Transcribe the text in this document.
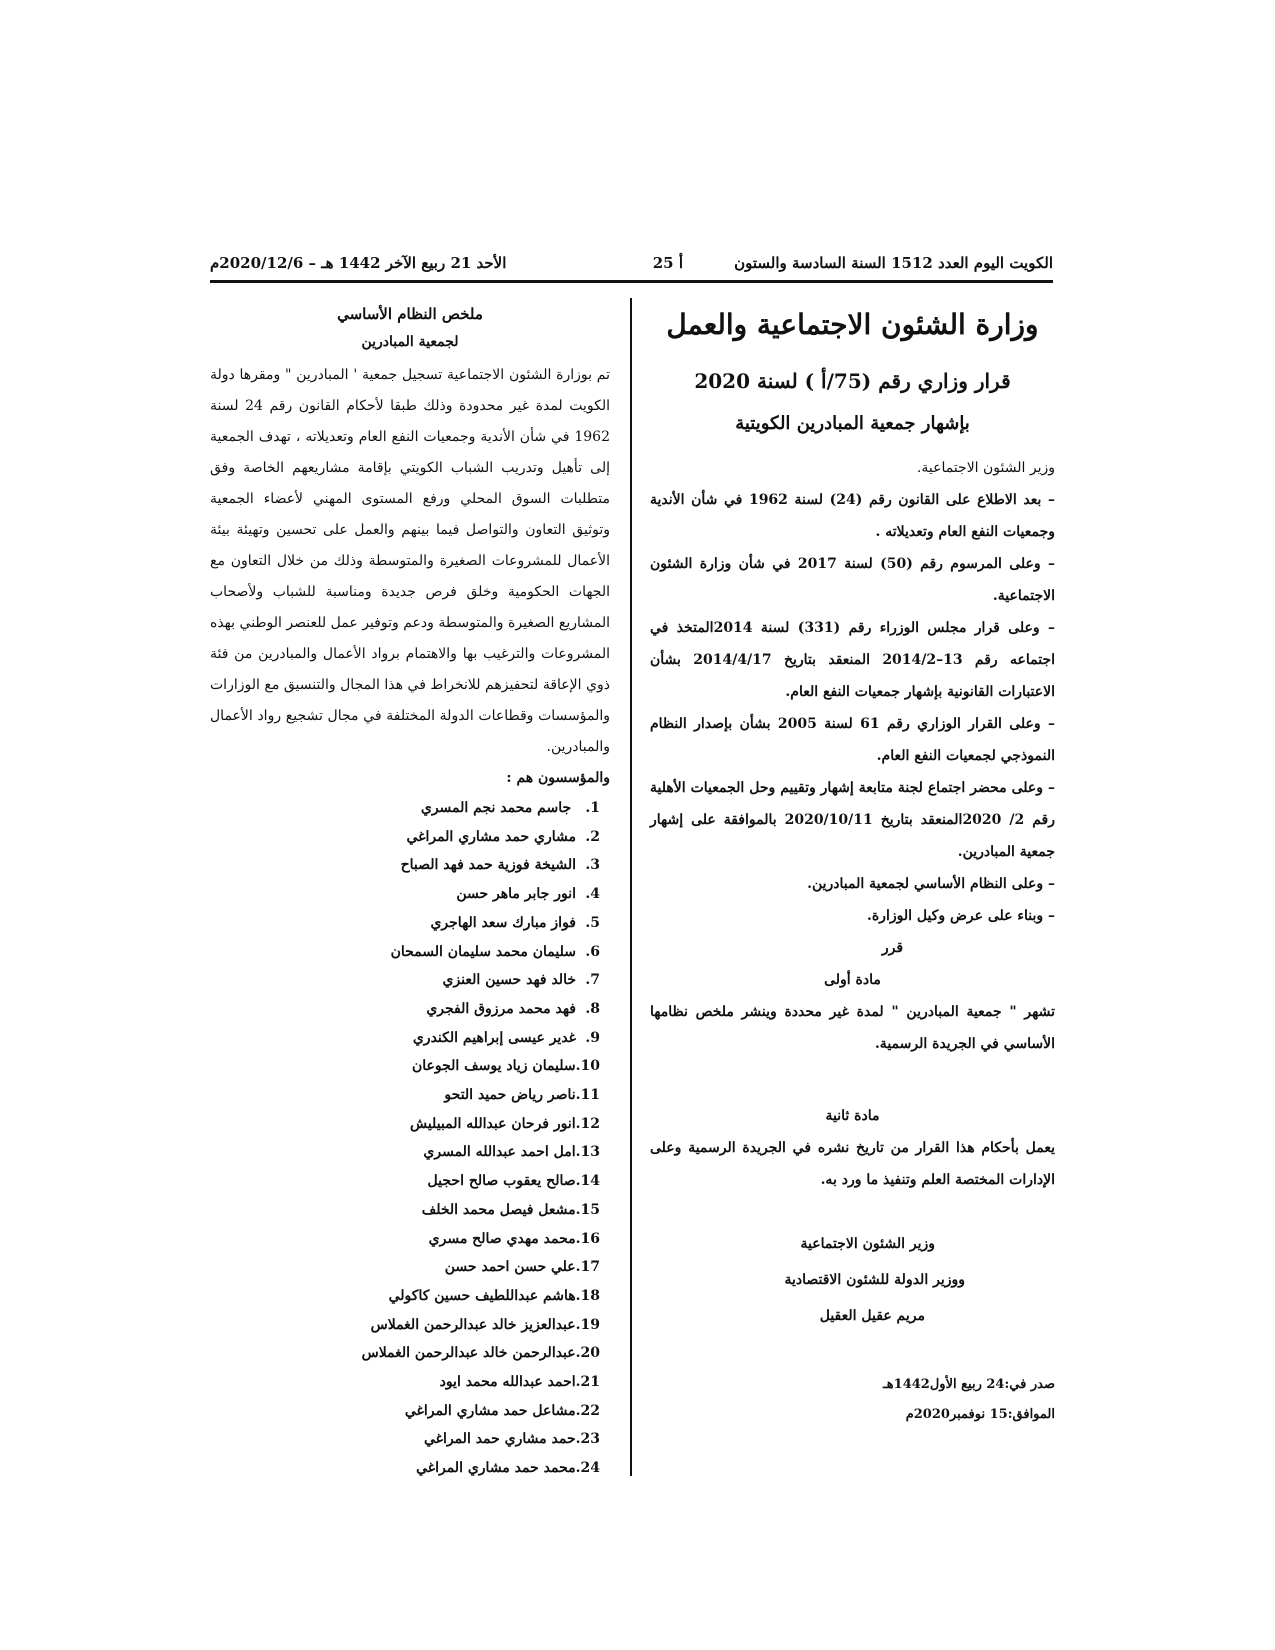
الكويت اليوم العدد 1512 السنة السادسة والستون
أ 25
الأحد 21 ربيع الآخر 1442 هـ – 2020/12/6م
وزارة الشئون الاجتماعية والعمل
قرار وزاري رقم (75/أ ) لسنة 2020
بإشهار جمعية المبادرين الكويتية

وزير الشئون الاجتماعية.

– بعد الاطلاع على القانون رقم (24) لسنة 1962 في شأن الأندية وجمعيات النفع العام وتعديلاته .

– وعلى المرسوم رقم (50) لسنة 2017 في شأن وزارة الشئون الاجتماعية.

– وعلى قرار مجلس الوزراء رقم (331) لسنة 2014المتخذ في اجتماعه رقم 13–2014/2 المنعقد بتاريخ 2014/4/17 بشأن الاعتبارات القانونية بإشهار جمعيات النفع العام.

– وعلى القرار الوزاري رقم 61 لسنة 2005 بشأن بإصدار النظام النموذجي لجمعيات النفع العام.

– وعلى محضر اجتماع لجنة متابعة إشهار وتقييم وحل الجمعيات الأهلية رقم 2/ 2020المنعقد بتاريخ 2020/10/11 بالموافقة على إشهار جمعية المبادرين.

– وعلى النظام الأساسي لجمعية المبادرين.

– وبناء على عرض وكيل الوزارة.

قرر
مادة أولى

تشهر " جمعية المبادرين " لمدة غير محددة وينشر ملخص نظامها الأساسي في الجريدة الرسمية.

مادة ثانية

يعمل بأحكام هذا القرار من تاريخ نشره في الجريدة الرسمية وعلى الإدارات المختصة العلم وتنفيذ ما ورد به.

وزير الشئون الاجتماعية
ووزير الدولة للشئون الاقتصادية
مريم عقيل العقيل
صدر في:24 ربيع الأول1442هـ
الموافق:15 نوفمبر2020م
ملخص النظام الأساسي
لجمعية المبادرين

تم بوزارة الشئون الاجتماعية تسجيل جمعية ' المبادرين " ومقرها دولة الكويت لمدة غير محدودة وذلك طبقا لأحكام القانون رقم 24 لسنة 1962 في شأن الأندية وجمعيات النفع العام وتعديلاته ، تهدف الجمعية إلى تأهيل وتدريب الشباب الكويتي بإقامة مشاريعهم الخاصة وفق متطلبات السوق المحلي ورفع المستوى المهني لأعضاء الجمعية وتوثيق التعاون والتواصل فيما بينهم والعمل على تحسين وتهيئة بيئة الأعمال للمشروعات الصغيرة والمتوسطة وذلك من خلال التعاون مع الجهات الحكومية وخلق فرص جديدة ومناسبة للشباب ولأصحاب المشاريع الصغيرة والمتوسطة ودعم وتوفير عمل للعنصر الوطني بهذه المشروعات والترغيب بها والاهتمام برواد الأعمال والمبادرين من فئة ذوي الإعاقة لتحفيزهم للانخراط في هذا المجال والتنسيق مع الوزارات والمؤسسات وقطاعات الدولة المختلفة في مجال تشجيع رواد الأعمال والمبادرين.

والمؤسسون هم :
1. جاسم محمد نجم المسري
2.مشاري حمد مشاري المراغي
3.الشيخة فوزية حمد فهد الصباح
4.انور جابر ماهر حسن
5.فواز مبارك سعد الهاجري
6.سليمان محمد سليمان السمحان
7.خالد فهد حسين العنزي
8.فهد محمد مرزوق الفجري
9.غدير عيسى إبراهيم الكندري
10.سليمان زياد يوسف الجوعان
11.ناصر رياض حميد التحو
12.انور فرحان عبدالله المبيليش
13.امل احمد عبدالله المسري
14.صالح يعقوب صالح احجيل
15.مشعل فيصل محمد الخلف
16.محمد مهدي صالح مسري
17.علي حسن احمد حسن
18.هاشم عبداللطيف حسين كاكولي
19.عبدالعزيز خالد عبدالرحمن الغملاس
20.عبدالرحمن خالد عبدالرحمن الغملاس
21.احمد عبدالله محمد ايود
22.مشاعل حمد مشاري المراغي
23.حمد مشاري حمد المراغي
24.محمد حمد مشاري المراغي
